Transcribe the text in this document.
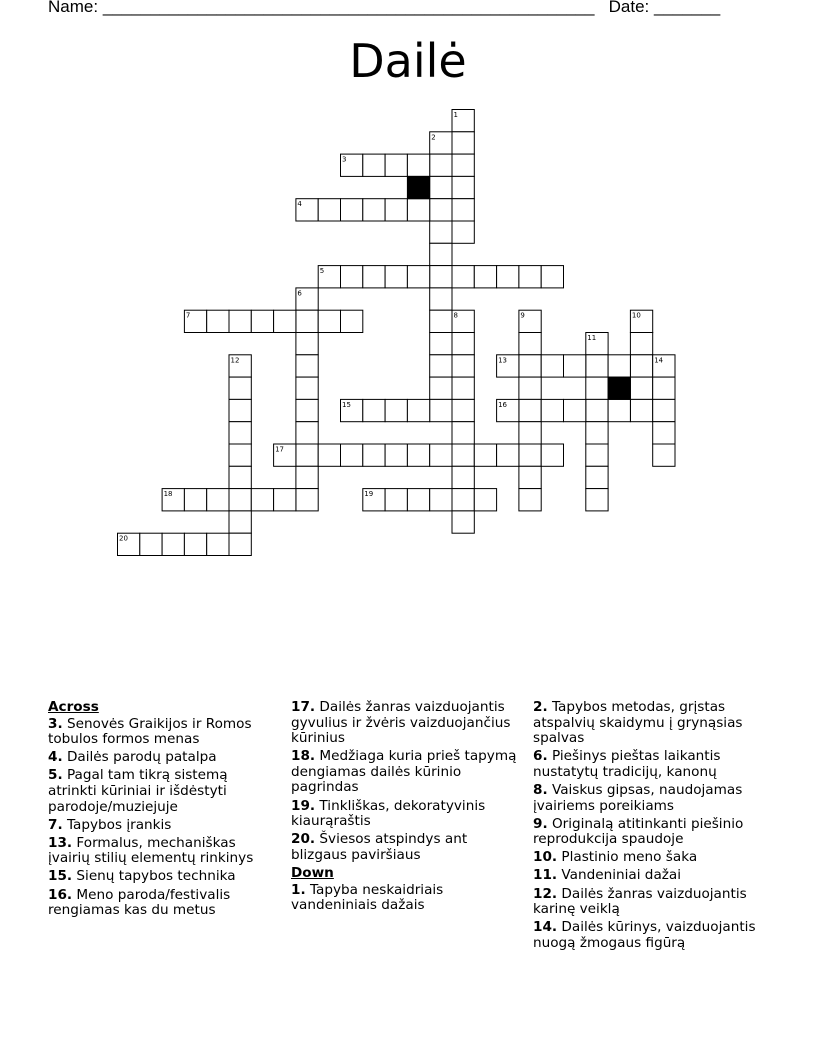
Name: ____________________________________________________ Date: _______
Dailė
1
2
3
4
5
6
7	8	9	10
11
12	13	14
15	16
17
18	19
20
Across
3. Senovės Graikijos ir Romos tobulos formos menas
4. Dailės parodų patalpa
5. Pagal tam tikrą sistemą atrinkti kūriniai ir išdėstyti parodoje/muziejuje
7. Tapybos įrankis
13. Formalus, mechaniškas įvairių stilių elementų rinkinys
15. Sienų tapybos technika
16. Meno paroda/festivalis rengiamas kas du metus
17. Dailės žanras vaizduojantis gyvulius ir žvėris vaizduojančius kūrinius
18. Medžiaga kuria prieš tapymą dengiamas dailės kūrinio pagrindas
19. Tinkliškas, dekoratyvinis kiaurąraštis
20. Šviesos atspindys ant blizgaus paviršiaus
Down
1. Tapyba neskaidriais vandeniniais dažais
2. Tapybos metodas, grįstas atspalvių skaidymu į grynąsias spalvas
6. Piešinys pieštas laikantis nustatytų tradicijų, kanonų
8. Vaiskus gipsas, naudojamas įvairiems poreikiams
9. Originalą atitinkanti piešinio reprodukcija spaudoje
10. Plastinio meno šaka
11. Vandeniniai dažai
12. Dailės žanras vaizduojantis karinę veiklą
14. Dailės kūrinys, vaizduojantis nuogą žmogaus figūrą
